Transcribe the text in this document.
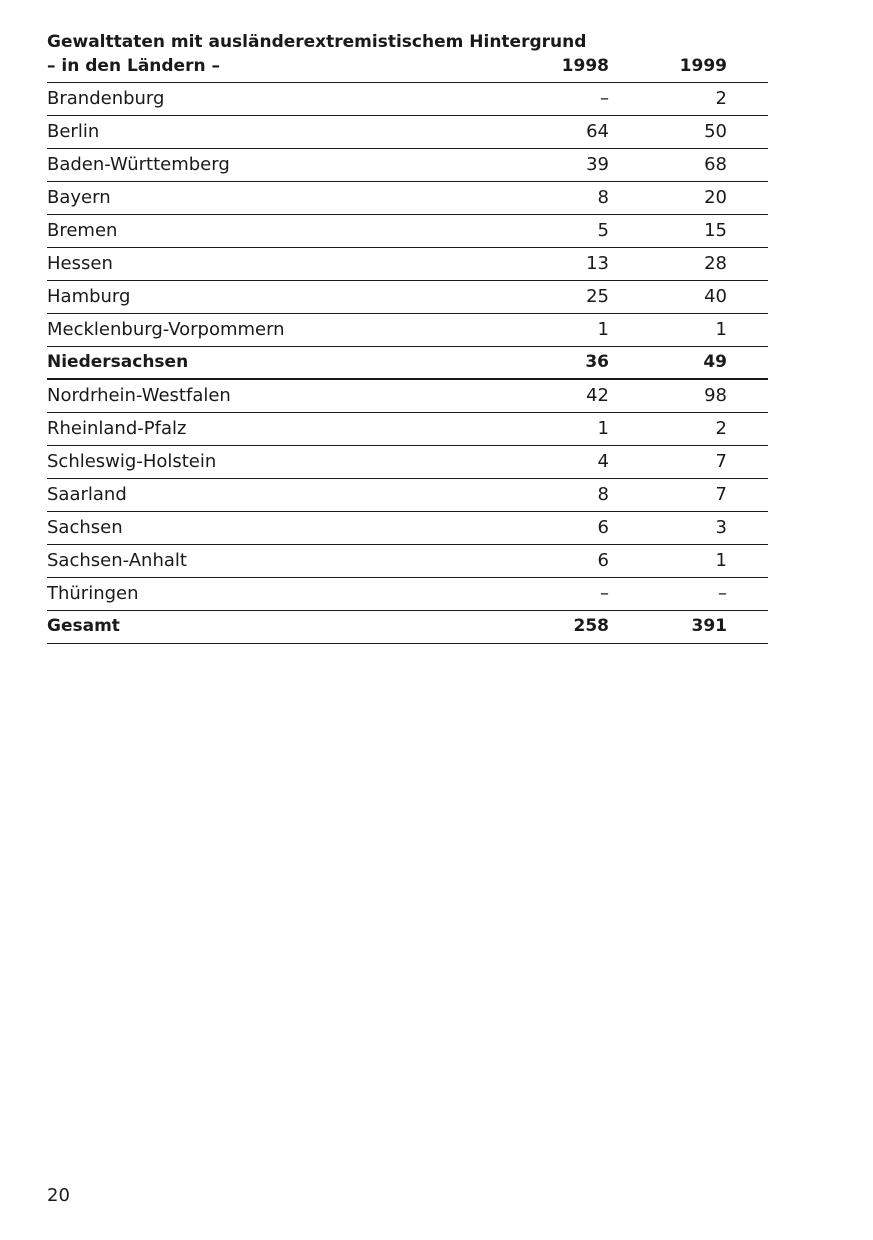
Gewalttaten mit ausländerextremistischem Hintergrund
– in den Ländern –	1998	1999
Brandenburg	–	2
Berlin	64	50
Baden-Württemberg	39	68
Bayern	8	20
Bremen	5	15
Hessen	13	28
Hamburg	25	40
Mecklenburg-Vorpommern	1	1
Niedersachsen	36	49
Nordrhein-Westfalen	42	98
Rheinland-Pfalz	1	2
Schleswig-Holstein	4	7
Saarland	8	7
Sachsen	6	3
Sachsen-Anhalt	6	1
Thüringen	–	–
Gesamt	258	391
20
